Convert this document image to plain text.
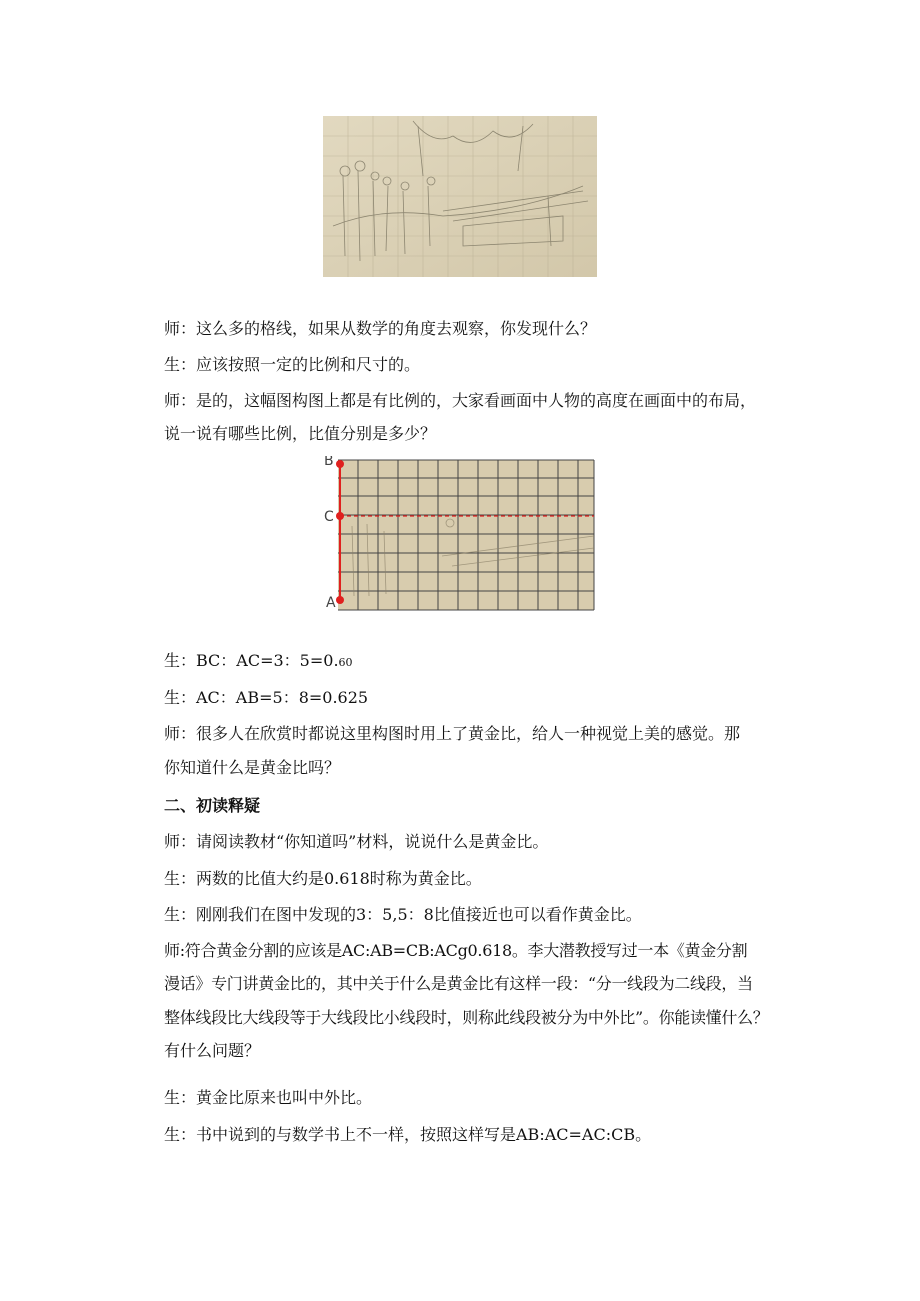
师：这么多的格线，如果从数学的角度去观察，你发现什么？

生：应该按照一定的比例和尺寸的。

师：是的，这幅图构图上都是有比例的，大家看画面中人物的高度在画面中的布局，

说一说有哪些比例，比值分别是多少？

B
C
A

生：BC：AC=3：5=0.60

生：AC：AB=5：8=0.625

师：很多人在欣赏时都说这里构图时用上了黄金比，给人一种视觉上美的感觉。那

你知道什么是黄金比吗？

二、初读释疑

师：请阅读教材“你知道吗”材料，说说什么是黄金比。

生：两数的比值大约是0.618时称为黄金比。

生：刚刚我们在图中发现的3：5,5：8比值接近也可以看作黄金比。

师:符合黄金分割的应该是AC:AB=CB:ACg0.618。李大潜教授写过一本《黄金分割

漫话》专门讲黄金比的，其中关于什么是黄金比有这样一段：“分一线段为二线段，当

整体线段比大线段等于大线段比小线段时，则称此线段被分为中外比”。你能读懂什么？

有什么问题？

生：黄金比原来也叫中外比。

生：书中说到的与数学书上不一样，按照这样写是AB:AC=AC:CB。
